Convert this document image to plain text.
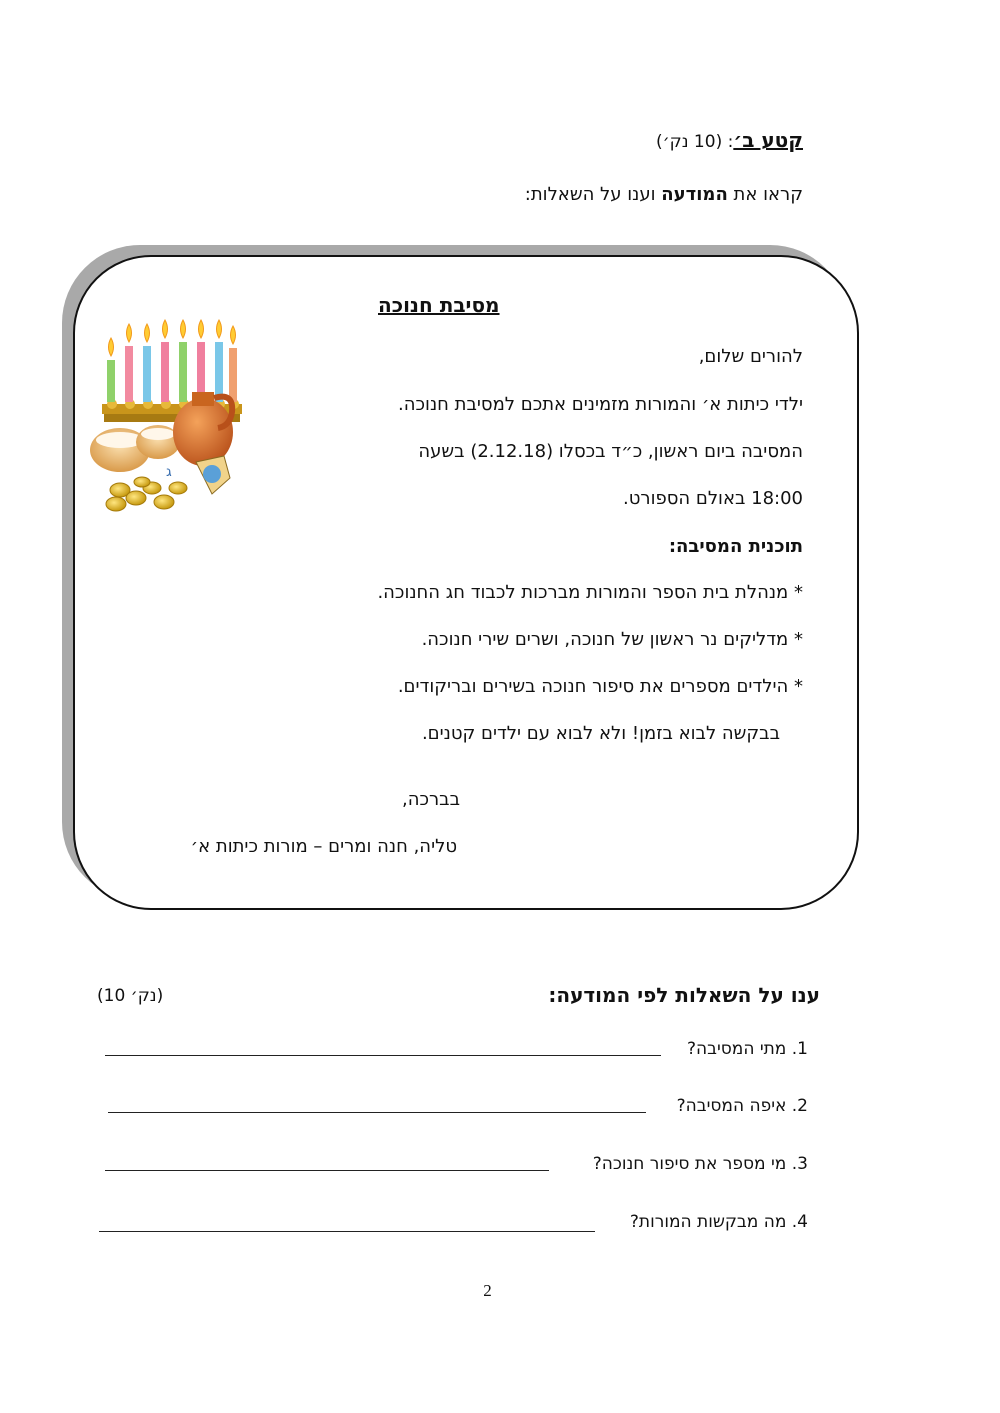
קטע ב׳: (10 נק׳)
קראו את המודעה וענו על השאלות:
מסיבת חנוכה
ג
להורים שלום,
ילדי כיתות א׳ והמורות מזמינים אתכם למסיבת חנוכה.
המסיבה ביום ראשון, כ״ד בכסלו (2.12.18) בשעה
18:00 באולם הספורט.
תוכנית המסיבה:
* מנהלת בית הספר והמורות מברכות לכבוד חג החנוכה.
* מדליקים נר ראשון של חנוכה, ושרים שירי חנוכה.
* הילדים מספרים את סיפור חנוכה בשירים ובריקודים.
בבקשה לבוא בזמן! ולא לבוא עם ילדים קטנים.
בברכה,
טליה, חנה ומרים – מורות כיתות א׳
ענו על השאלות לפי המודעה:
(10 נק׳)
1. מתי המסיבה?
2. איפה המסיבה?
3. מי מספר את סיפור חנוכה?
4. מה מבקשות המורות?
2
